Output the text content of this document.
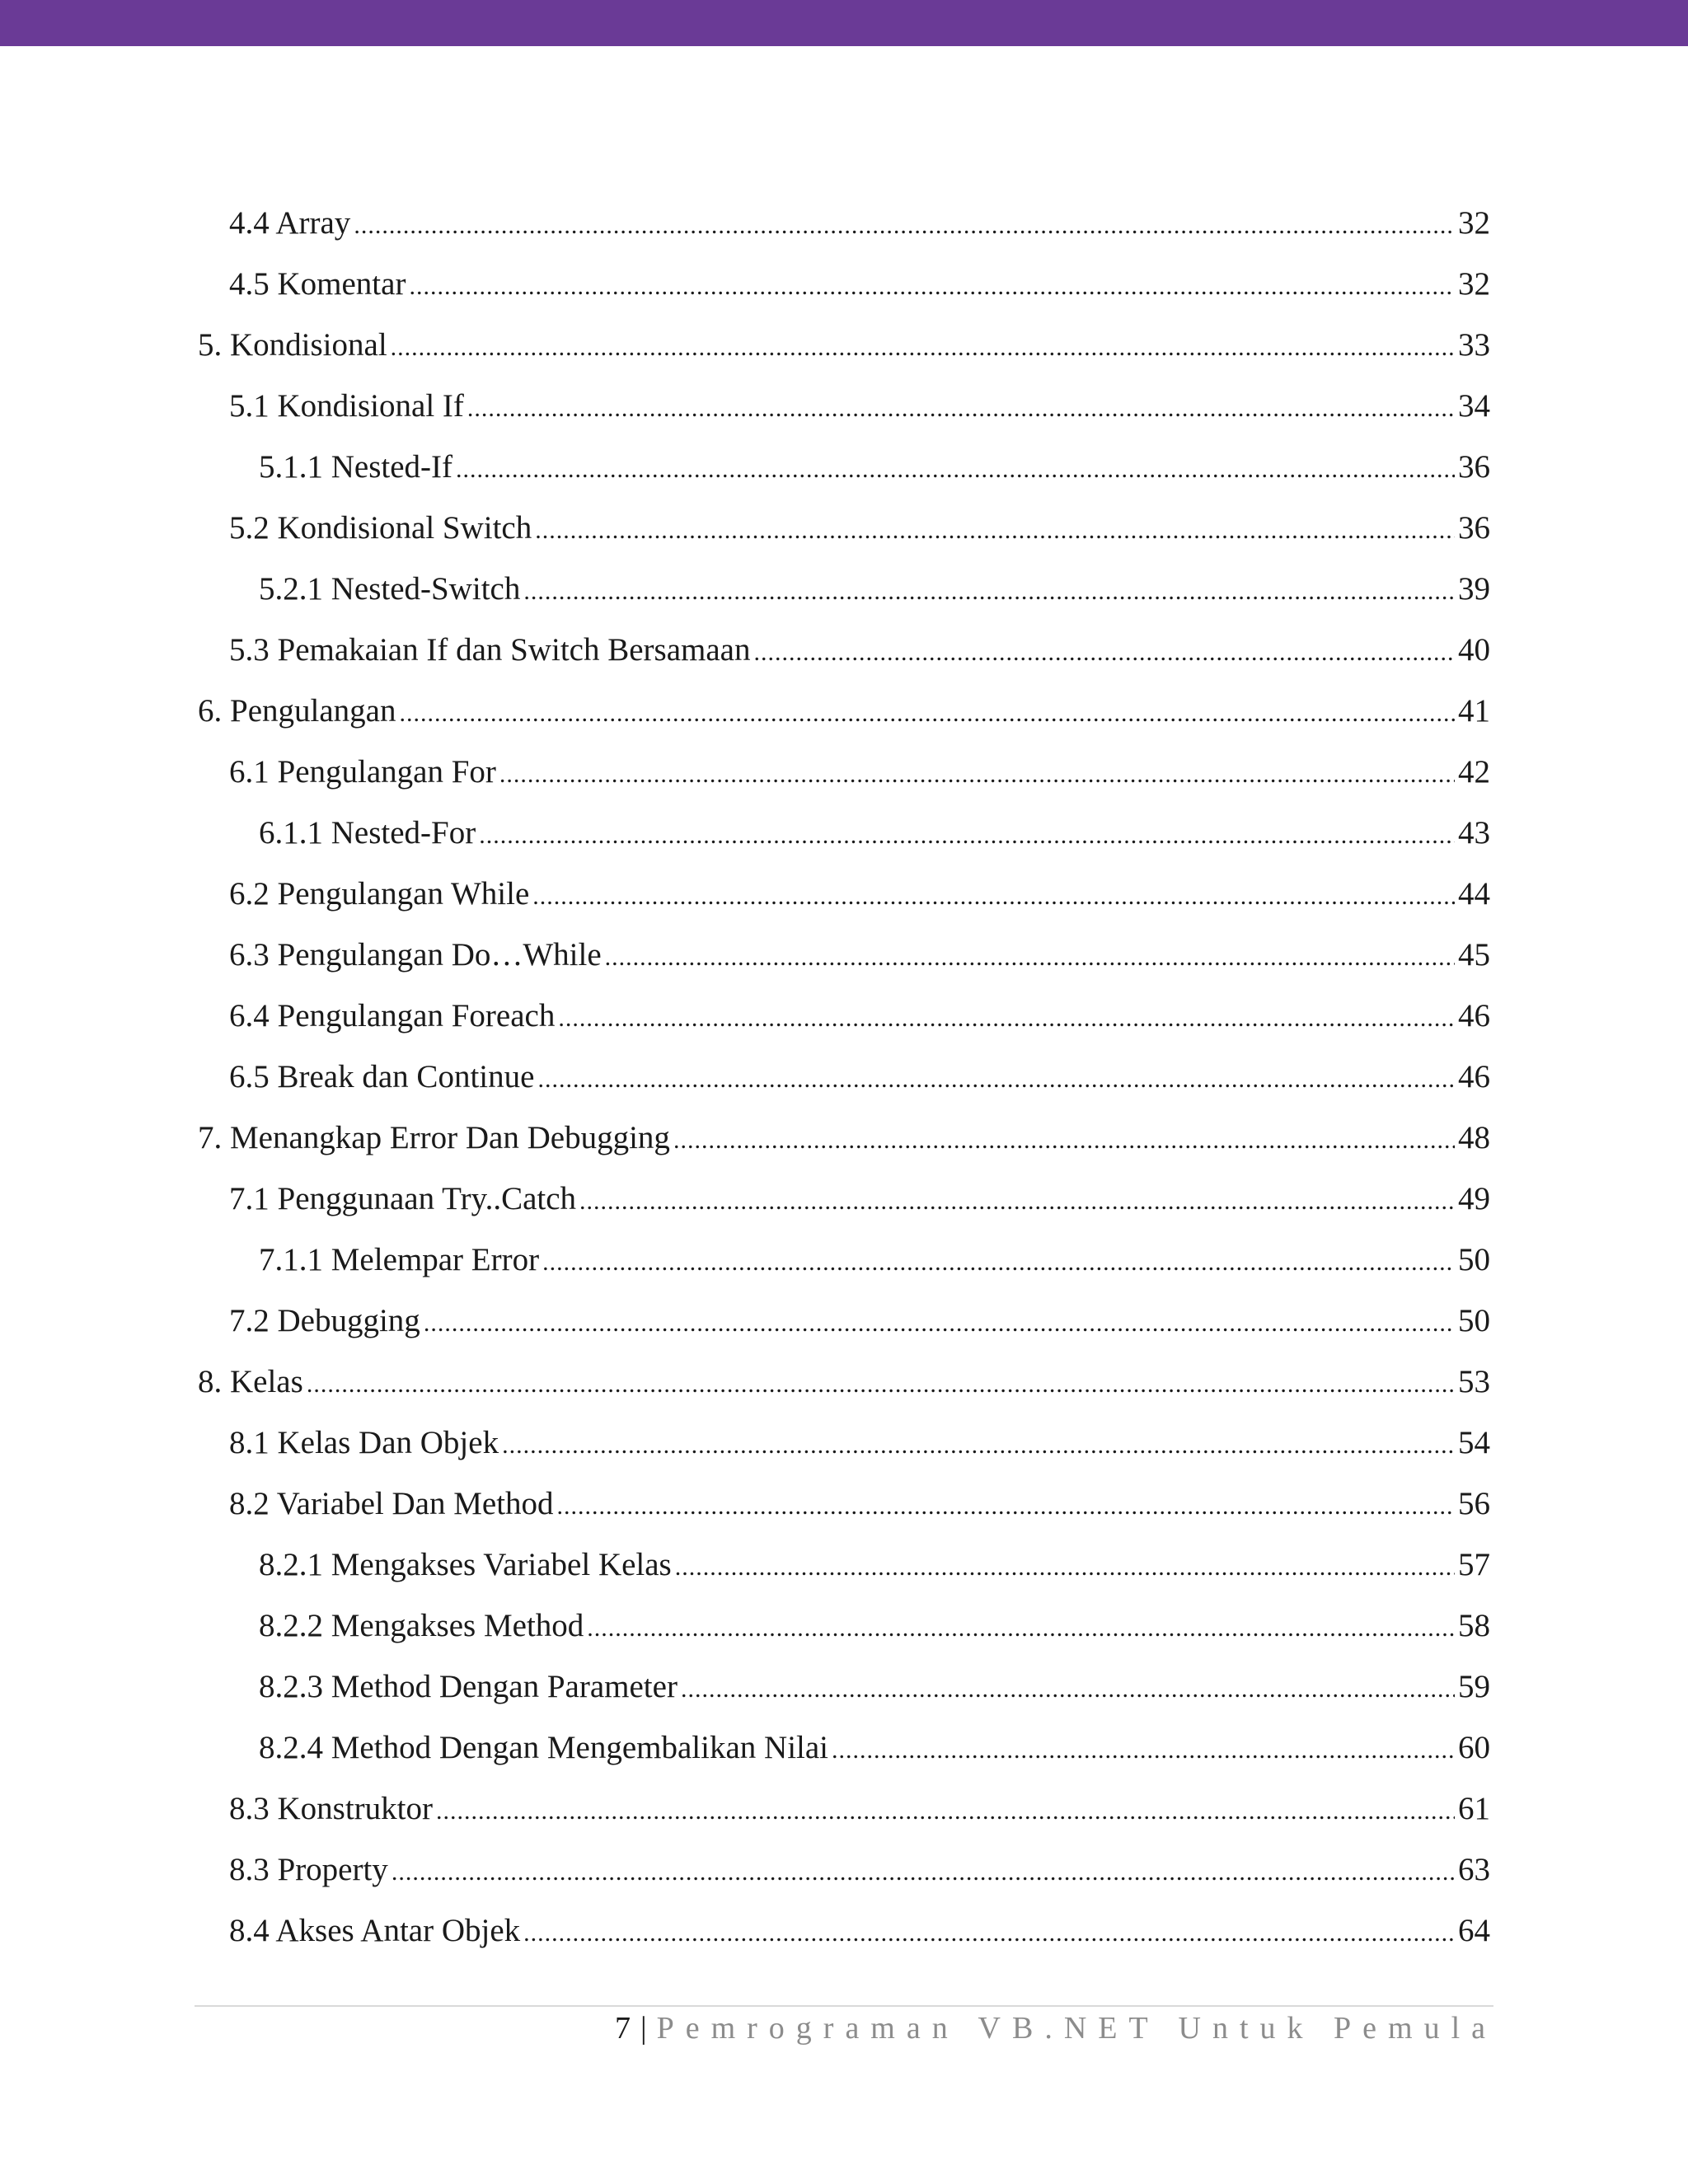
4.4 Array .....	32
4.5 Komentar .....	32
5. Kondisional .....	33
5.1 Kondisional If .....	34
5.1.1 Nested-If .....	36
5.2 Kondisional Switch .....	36
5.2.1 Nested-Switch .....	39
5.3 Pemakaian If dan Switch Bersamaan .....	40
6. Pengulangan .....	41
6.1 Pengulangan For .....	42
6.1.1 Nested-For .....	43
6.2 Pengulangan While .....	44
6.3 Pengulangan Do…While .....	45
6.4 Pengulangan Foreach .....	46
6.5 Break dan Continue .....	46
7. Menangkap Error Dan Debugging .....	48
7.1 Penggunaan Try..Catch .....	49
7.1.1 Melempar Error .....	50
7.2 Debugging .....	50
8. Kelas .....	53
8.1 Kelas Dan Objek .....	54
8.2 Variabel Dan Method .....	56
8.2.1 Mengakses Variabel Kelas .....	57
8.2.2 Mengakses Method .....	58
8.2.3 Method Dengan Parameter .....	59
8.2.4 Method Dengan Mengembalikan Nilai .....	60
8.3 Konstruktor .....	61
8.3 Property .....	63
8.4 Akses Antar Objek .....	64
7 | Pemrograman VB.NET Untuk Pemula
